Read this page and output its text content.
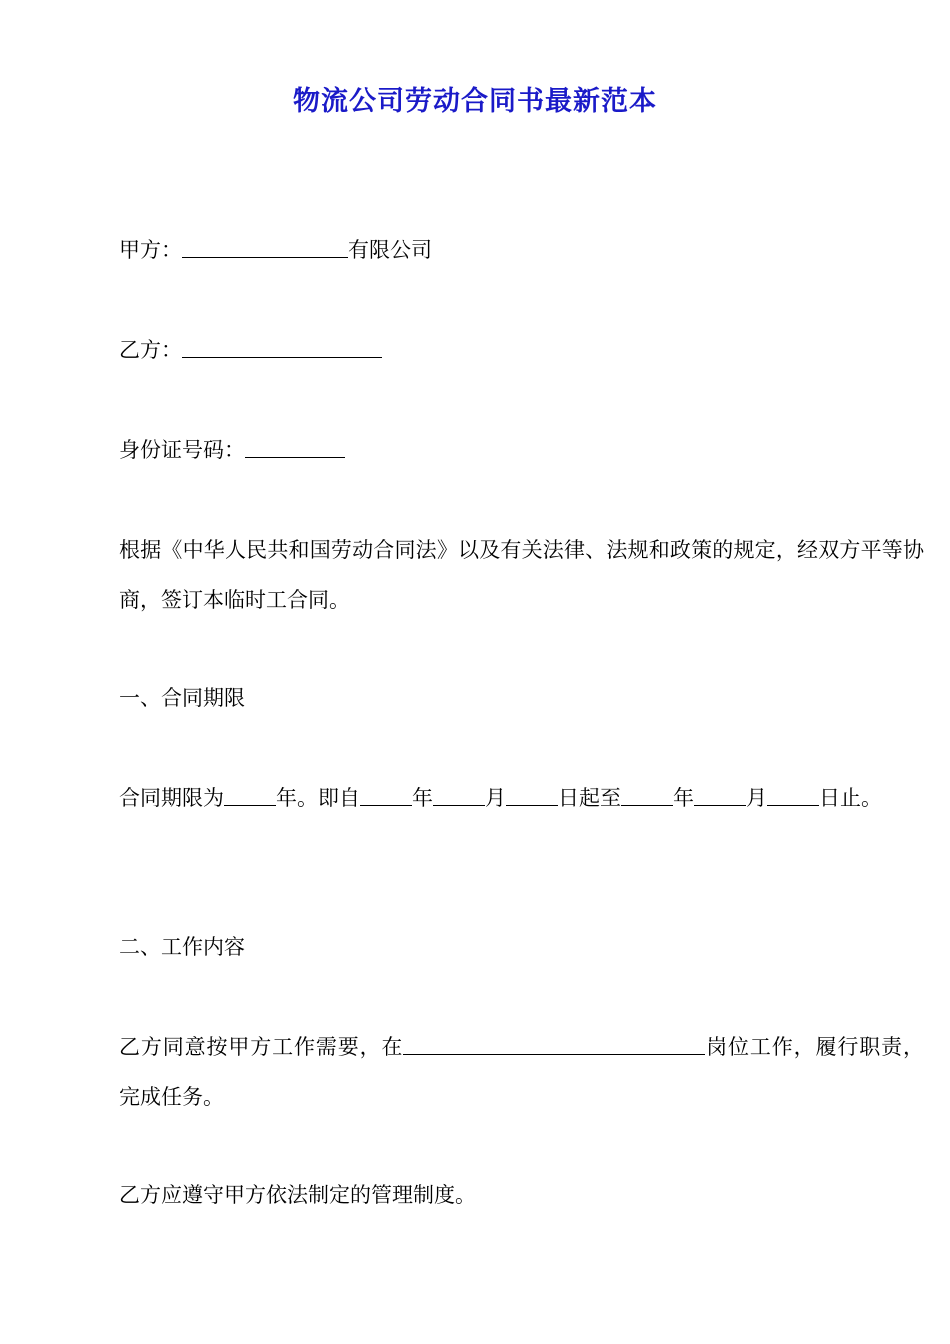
物流公司劳动合同书最新范本

甲方：	有限公司

乙方：

身份证号码：

根据《中华人民共和国劳动合同法》以及有关法律、法规和政策的规定，经双方平等协商，签订本临时工合同。

一、合同期限

合同期限为 年。即自 年 月 日起至 年 月 日止。

二、工作内容

乙方同意按甲方工作需要，在	岗位工作，履行职责，完成任务。

乙方应遵守甲方依法制定的管理制度。
